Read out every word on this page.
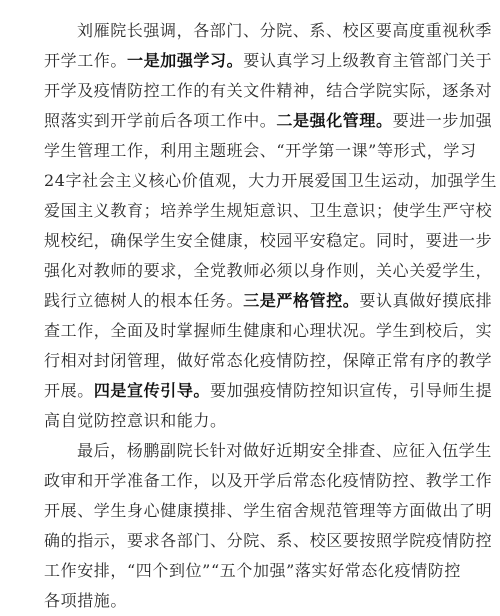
刘雁院长强调，各部门、分院、系、校区要高度重视秋季
开学工作。一是加强学习。要认真学习上级教育主管部门关于
开学及疫情防控工作的有关文件精神，结合学院实际，逐条对
照落实到开学前后各项工作中。二是强化管理。要进一步加强
学生管理工作，利用主题班会、“开学第一课”等形式，学习
24字社会主义核心价值观，大力开展爱国卫生运动，加强学生
爱国主义教育；培养学生规矩意识、卫生意识；使学生严守校
规校纪，确保学生安全健康，校园平安稳定。同时，要进一步
强化对教师的要求，全党教师必须以身作则，关心关爱学生，
践行立德树人的根本任务。三是严格管控。要认真做好摸底排
查工作，全面及时掌握师生健康和心理状况。学生到校后，实
行相对封闭管理，做好常态化疫情防控，保障正常有序的教学
开展。四是宣传引导。要加强疫情防控知识宣传，引导师生提
高自觉防控意识和能力。
最后，杨鹏副院长针对做好近期安全排查、应征入伍学生
政审和开学准备工作，以及开学后常态化疫情防控、教学工作
开展、学生身心健康摸排、学生宿舍规范管理等方面做出了明
确的指示，要求各部门、分院、系、校区要按照学院疫情防控
工作安排，“四个到位”“五个加强”落实好常态化疫情防控
各项措施。
